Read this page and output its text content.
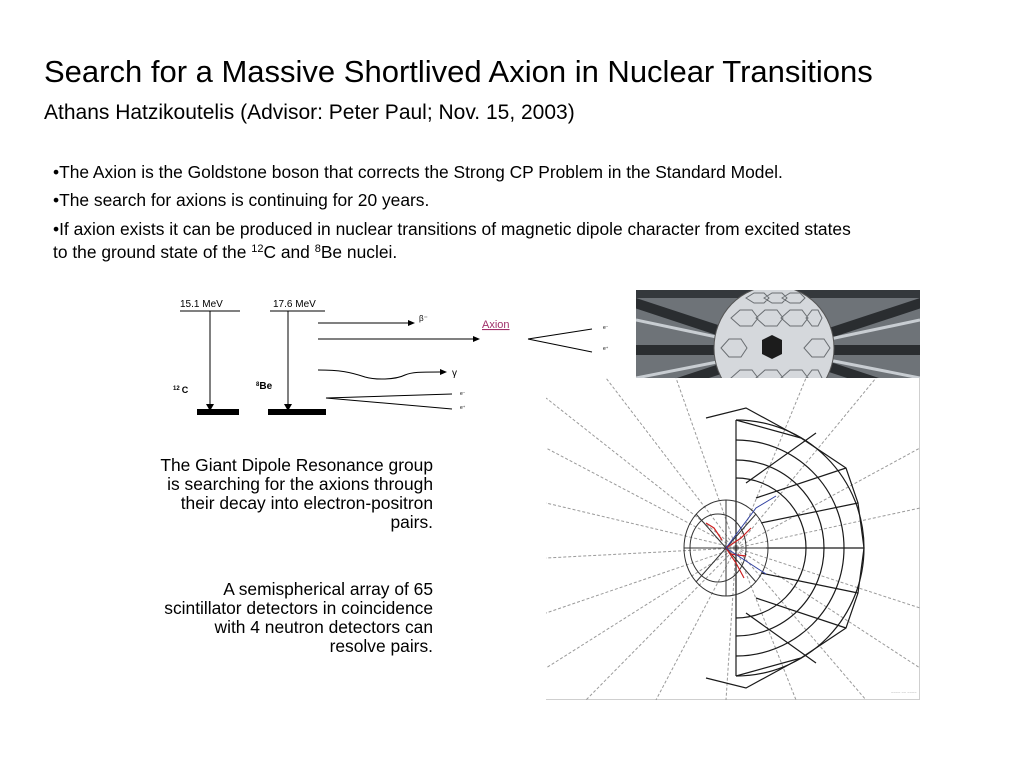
Search for a Massive Shortlived Axion in Nuclear Transitions
Athans Hatzikoutelis (Advisor: Peter Paul; Nov. 15, 2003)
•The Axion is the Goldstone boson that corrects the Strong CP Problem in the Standard Model.
•The search for axions is continuing for 20 years.
•If axion exists it can be produced in nuclear transitions of magnetic dipole character from excited states
to the ground state of the $^{12}$C and $^8$Be nuclei.
15.1 MeV	17.6 MeV
$^{12}$ C	$^8$Be
β⁻
Axion	e⁻
e⁺
γ
e⁻
e⁺
~~~~ ~~ ~~~~
The Giant Dipole Resonance group is searching for the axions through their decay into electron-positron pairs.
A semispherical array of 65 scintillator detectors in coincidence with 4 neutron detectors can resolve pairs.
